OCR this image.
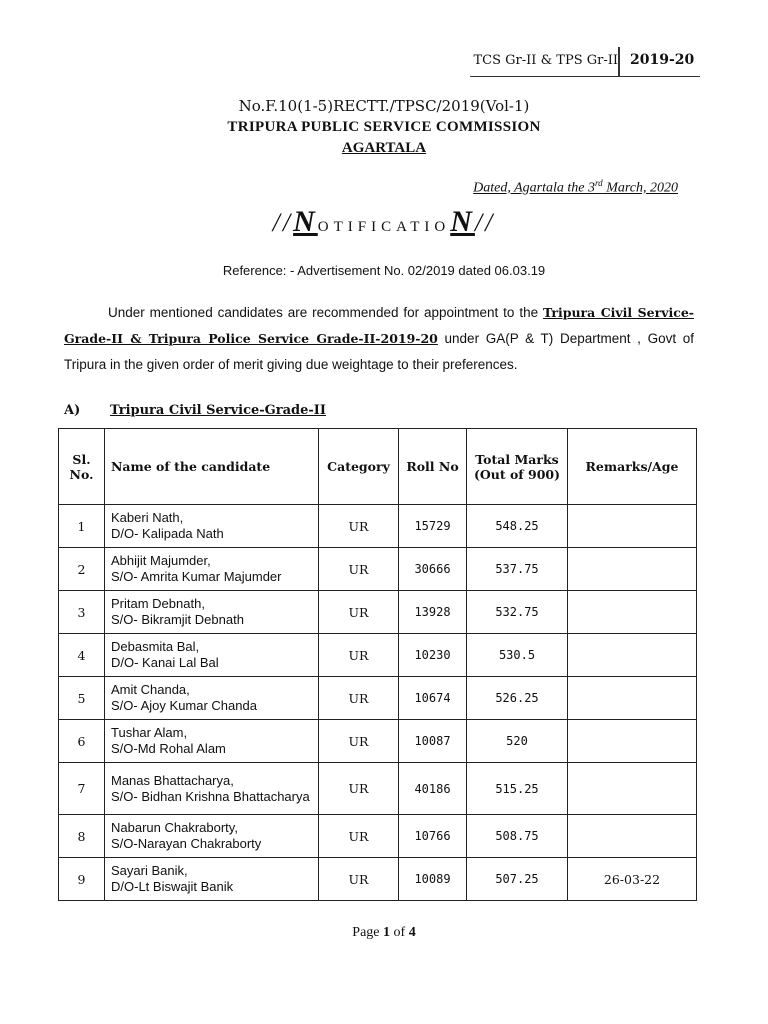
TCS Gr-II & TPS Gr-II 2019-20
No.F.10(1-5)RECTT./TPSC/2019(Vol-1)
TRIPURA PUBLIC SERVICE COMMISSION
AGARTALA
Dated, Agartala the 3rd March, 2020
//NOTIFICATION//
Reference: - Advertisement No. 02/2019 dated 06.03.19
Under mentioned candidates are recommended for appointment to the Tripura Civil Service-Grade-II & Tripura Police Service Grade-II-2019-20 under GA(P & T) Department , Govt of Tripura in the given order of merit giving due weightage to their preferences.
A) Tripura Civil Service-Grade-II
Sl. No.	Name of the candidate	Category	Roll No	Total Marks (Out of 900)	Remarks/Age
1	Kaberi Nath,
D/O- Kalipada Nath	UR	15729	548.25	
2	Abhijit Majumder,
S/O- Amrita Kumar Majumder	UR	30666	537.75	
3	Pritam Debnath,
S/O- Bikramjit Debnath	UR	13928	532.75	
4	Debasmita Bal,
D/O- Kanai Lal Bal	UR	10230	530.5	
5	Amit Chanda,
S/O- Ajoy Kumar Chanda	UR	10674	526.25	
6	Tushar Alam,
S/O-Md Rohal Alam	UR	10087	520	
7	Manas Bhattacharya,
S/O- Bidhan Krishna Bhattacharya	UR	40186	515.25	
8	Nabarun Chakraborty,
S/O-Narayan Chakraborty	UR	10766	508.75	
9	Sayari Banik,
D/O-Lt Biswajit Banik	UR	10089	507.25	26-03-22
Page 1 of 4
